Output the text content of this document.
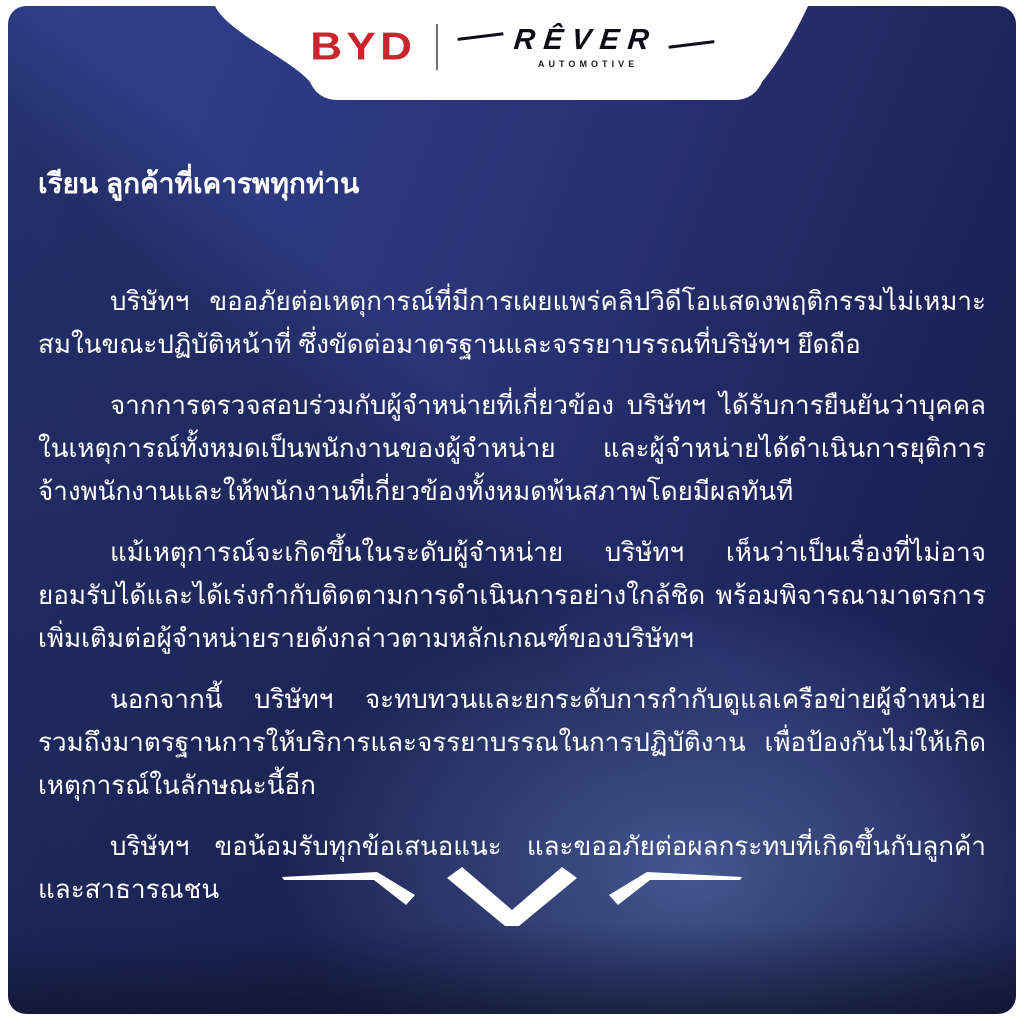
BYD	RÊVER
AUTOMOTIVE

เรียน ลูกค้าที่เคารพทุกท่าน

บริษัทฯ ขออภัยต่อเหตุการณ์ที่มีการเผยแพร่คลิปวิดีโอแสดงพฤติกรรมไม่เหมาะสมในขณะปฏิบัติหน้าที่ ซึ่งขัดต่อมาตรฐานและจรรยาบรรณที่บริษัทฯ ยึดถือ

จากการตรวจสอบร่วมกับผู้จำหน่ายที่เกี่ยวข้อง บริษัทฯ ได้รับการยืนยันว่าบุคคลในเหตุการณ์ทั้งหมดเป็นพนักงานของผู้จำหน่าย และผู้จำหน่ายได้ดำเนินการยุติการจ้างพนักงานและให้พนักงานที่เกี่ยวข้องทั้งหมดพ้นสภาพโดยมีผลทันที

แม้เหตุการณ์จะเกิดขึ้นในระดับผู้จำหน่าย บริษัทฯ เห็นว่าเป็นเรื่องที่ไม่อาจยอมรับได้และได้เร่งกำกับติดตามการดำเนินการอย่างใกล้ชิด พร้อมพิจารณามาตรการเพิ่มเติมต่อผู้จำหน่ายรายดังกล่าวตามหลักเกณฑ์ของบริษัทฯ

นอกจากนี้ บริษัทฯ จะทบทวนและยกระดับการกำกับดูแลเครือข่ายผู้จำหน่าย รวมถึงมาตรฐานการให้บริการและจรรยาบรรณในการปฏิบัติงาน เพื่อป้องกันไม่ให้เกิดเหตุการณ์ในลักษณะนี้อีก

บริษัทฯ ขอน้อมรับทุกข้อเสนอแนะ และขออภัยต่อผลกระทบที่เกิดขึ้นกับลูกค้าและสาธารณชน
